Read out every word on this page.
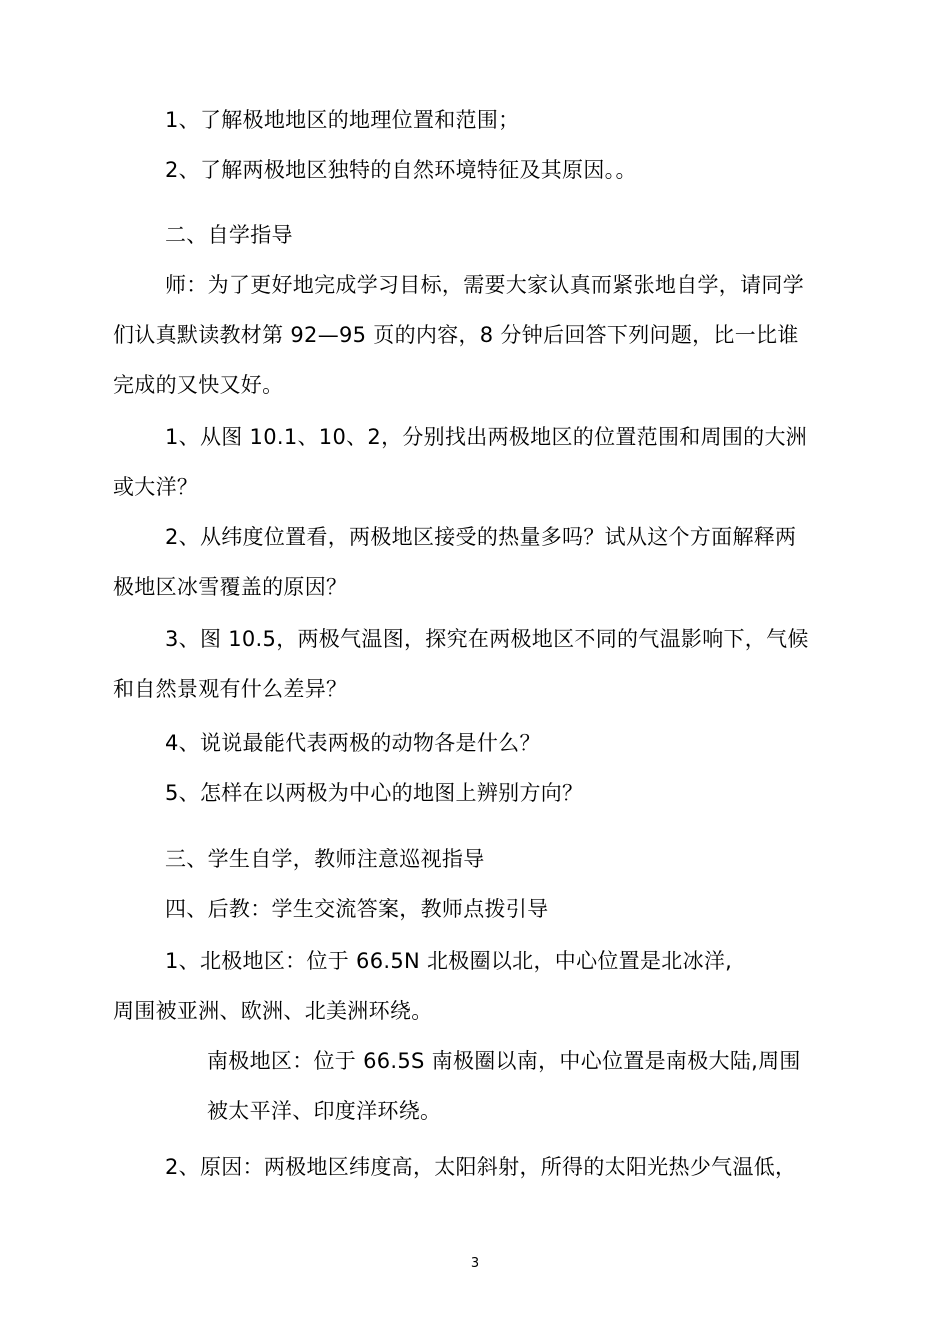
1、了解极地地区的地理位置和范围；
2、了解两极地区独特的自然环境特征及其原因。。
二、自学指导
师：为了更好地完成学习目标，需要大家认真而紧张地自学，请同学
们认真默读教材第 92—95 页的内容，8 分钟后回答下列问题，比一比谁
完成的又快又好。
1、从图 10.1、10、2，分别找出两极地区的位置范围和周围的大洲
或大洋？
2、从纬度位置看，两极地区接受的热量多吗？试从这个方面解释两
极地区冰雪覆盖的原因？
3、图 10.5，两极气温图，探究在两极地区不同的气温影响下，气候
和自然景观有什么差异？
4、说说最能代表两极的动物各是什么？
5、怎样在以两极为中心的地图上辨别方向？
三、学生自学，教师注意巡视指导
四、后教：学生交流答案，教师点拨引导
1、北极地区：位于 66.5N 北极圈以北，中心位置是北冰洋,
周围被亚洲、欧洲、北美洲环绕。
南极地区：位于 66.5S 南极圈以南，中心位置是南极大陆,周围
被太平洋、印度洋环绕。
2、原因：两极地区纬度高，太阳斜射，所得的太阳光热少气温低，
3
